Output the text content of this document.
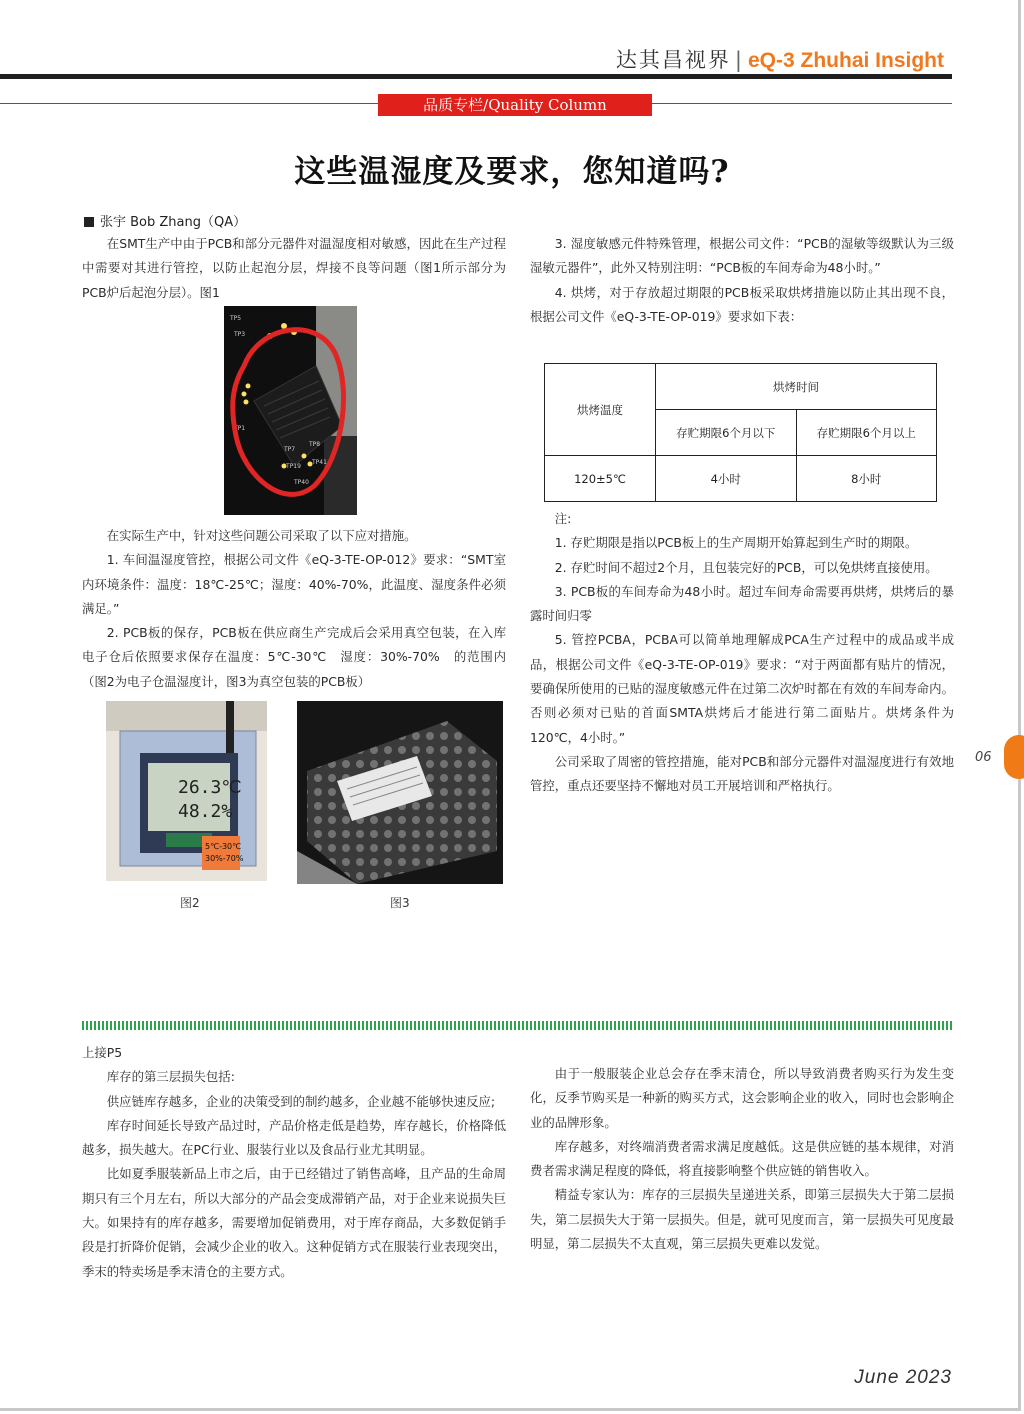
达其昌视界 | eQ-3 Zhuhai Insight
品质专栏/Quality Column
这些温湿度及要求，您知道吗?
张宇 Bob Zhang（QA）

在SMT生产中由于PCB和部分元器件对温湿度相对敏感，因此在生产过程中需要对其进行管控，以防止起泡分层，焊接不良等问题（图1所示部分为PCB炉后起泡分层）。图1

TP5
TP3
TP7
TP8
TP19
TP41
TP1
TP40

在实际生产中，针对这些问题公司采取了以下应对措施。

1. 车间温湿度管控，根据公司文件《eQ-3-TE-OP-012》要求：“SMT室内环境条件：温度：18℃-25℃；湿度：40%-70%，此温度、湿度条件必须满足。”

2. PCB板的保存，PCB板在供应商生产完成后会采用真空包装，在入库电子仓后依照要求保存在温度：5℃-30℃　湿度：30%-70%　的范围内（图2为电子仓温湿度计，图3为真空包装的PCB板）

26.3℃
48.2%
5℃-30℃
30%-70%
图2	图3

3. 湿度敏感元件特殊管理，根据公司文件：“PCB的湿敏等级默认为三级湿敏元器件”，此外又特别注明：“PCB板的车间寿命为48小时。”

4. 烘烤，对于存放超过期限的PCB板采取烘烤措施以防止其出现不良，根据公司文件《eQ-3-TE-OP-019》要求如下表：

烘烤温度	烘烤时间	
	存贮期限6个月以下	存贮期限6个月以上
120±5℃	4小时	8小时

注:

1. 存贮期限是指以PCB板上的生产周期开始算起到生产时的期限。

2. 存贮时间不超过2个月，且包装完好的PCB，可以免烘烤直接使用。

3. PCB板的车间寿命为48小时。超过车间寿命需要再烘烤，烘烤后的暴露时间归零

5. 管控PCBA，PCBA可以简单地理解成PCA生产过程中的成品或半成品，根据公司文件《eQ-3-TE-OP-019》要求：“对于两面都有贴片的情况，要确保所使用的已贴的湿度敏感元件在过第二次炉时都在有效的车间寿命内。否则必须对已贴的首面SMTA烘烤后才能进行第二面贴片。烘烤条件为120℃，4小时。”

公司采取了周密的管控措施，能对PCB和部分元器件对温湿度进行有效地管控，重点还要坚持不懈地对员工开展培训和严格执行。

06

上接P5

库存的第三层损失包括:

供应链库存越多，企业的决策受到的制约越多，企业越不能够快速反应;

库存时间延长导致产品过时，产品价格走低是趋势，库存越长，价格降低越多，损失越大。在PC行业、服装行业以及食品行业尤其明显。

比如夏季服装新品上市之后，由于已经错过了销售高峰，且产品的生命周期只有三个月左右，所以大部分的产品会变成滞销产品，对于企业来说损失巨大。如果持有的库存越多，需要增加促销费用，对于库存商品，大多数促销手段是打折降价促销，会减少企业的收入。这种促销方式在服装行业表现突出，季末的特卖场是季末清仓的主要方式。

由于一般服装企业总会存在季末清仓，所以导致消费者购买行为发生变化，反季节购买是一种新的购买方式，这会影响企业的收入，同时也会影响企业的品牌形象。

库存越多，对终端消费者需求满足度越低。这是供应链的基本规律，对消费者需求满足程度的降低，将直接影响整个供应链的销售收入。

精益专家认为：库存的三层损失呈递进关系，即第三层损失大于第二层损失，第二层损失大于第一层损失。但是，就可见度而言，第一层损失可见度最明显，第二层损失不太直观，第三层损失更难以发觉。

June 2023
